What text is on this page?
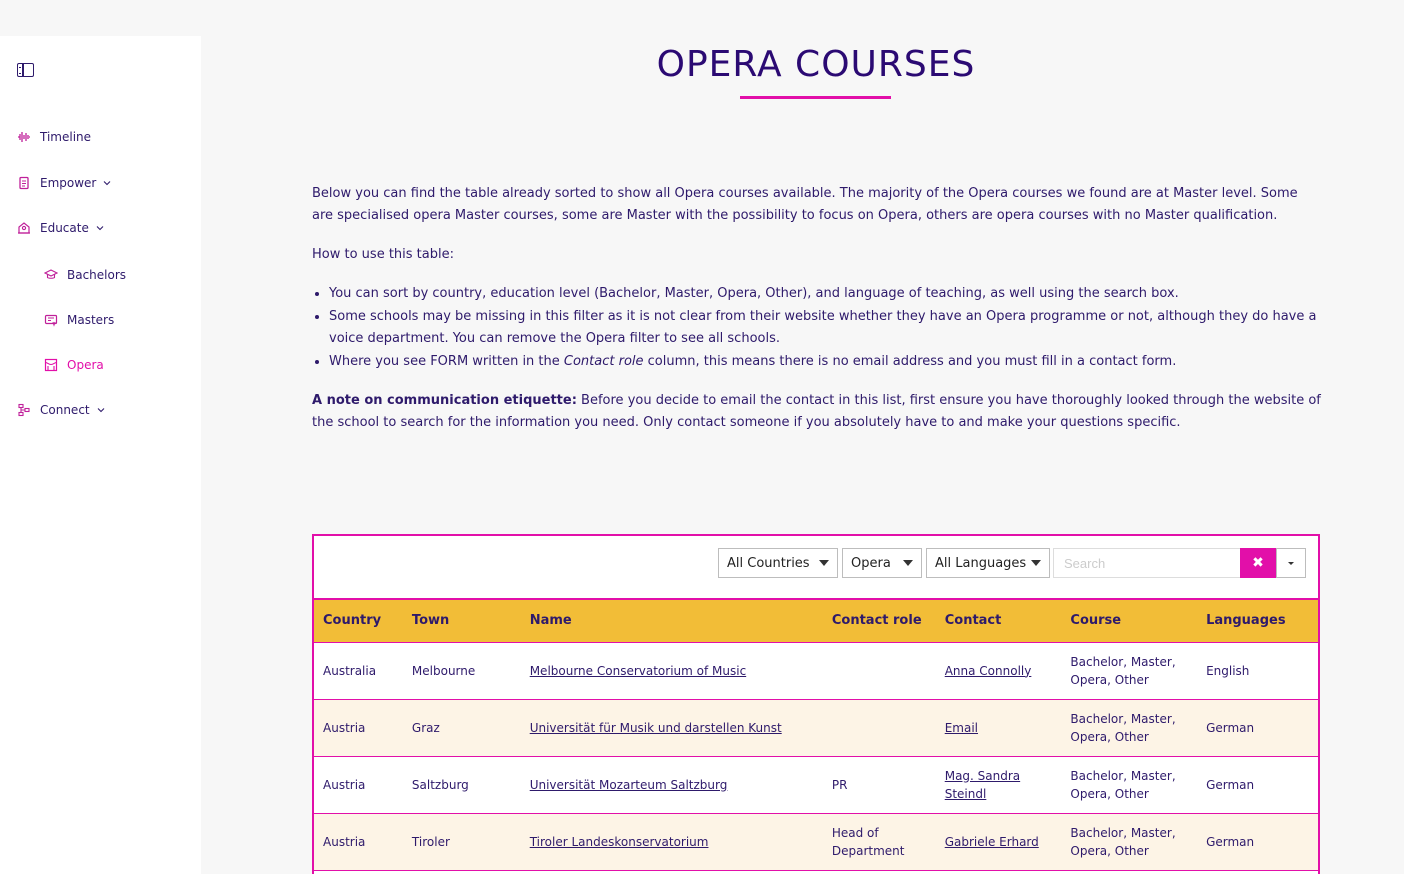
Timeline
Empower
Educate
Bachelors
Masters
Opera
Connect
OPERA COURSES

Below you can find the table already sorted to show all Opera courses available. The majority of the Opera courses we found are at Master level. Some are specialised opera Master courses, some are Master with the possibility to focus on Opera, others are opera courses with no Master qualification.

How to use this table:

• You can sort by country, education level (Bachelor, Master, Opera, Other), and language of teaching, as well using the search box.
• Some schools may be missing in this filter as it is not clear from their website whether they have an Opera programme or not, although they do have a voice department. You can remove the Opera filter to see all schools.
• Where you see FORM written in the Contact role column, this means there is no email address and you must fill in a contact form.

A note on communication etiquette: Before you decide to email the contact in this list, first ensure you have thoroughly looked through the website of the school to search for the information you need. Only contact someone if you absolutely have to and make your questions specific.

All Countries	Opera	All Languages
Search	✖
Country	Town	Name	Contact role	Contact	Course	Languages
Australia	Melbourne	Melbourne Conservatorium of Music		Anna Connolly	Bachelor, Master, Opera, Other	English
Austria	Graz	Universität für Musik und darstellen Kunst		Email	Bachelor, Master, Opera, Other	German
Austria	Saltzburg	Universität Mozarteum Saltzburg	PR	Mag. Sandra Steindl	Bachelor, Master, Opera, Other	German
Austria	Tiroler	Tiroler Landeskonservatorium	Head of Department	Gabriele Erhard	Bachelor, Master, Opera, Other	German
